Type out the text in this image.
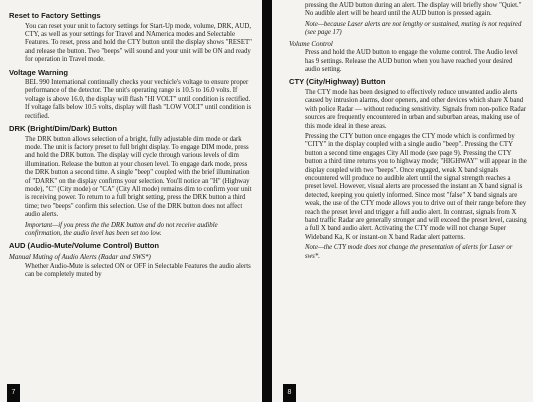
Reset to Factory Settings
You can reset your unit to factory settings for Start-Up mode, volume, DRK, AUD, CTY, as well as your settings for Travel and NAmerica modes and Selectable Features. To reset, press and hold the CTY button until the display shows "RESET" and release the button. Two "beeps" will sound and your unit will be ON and ready for operation in Travel mode.
Voltage Warning
BEL 990 International continually checks your vechicle's voltage to ensure proper performance of the detector. The unit's operating range is 10.5 to 16.0 volts. If voltage is above 16.0, the display will flash "HI VOLT" until condition is rectified. If voltage falls below 10.5 volts, display will flash "LOW VOLT" until condition is rectified.
DRK (Bright/Dim/Dark) Button
The DRK button allows selection of a bright, fully adjustable dim mode or dark mode. The unit is factory preset to full bright display. To engage DIM mode, press and hold the DRK button. The display will cycle through various levels of dim illumination. Release the button at your chosen level. To engage dark mode, press the DRK button a second time. A single "beep" coupled with the brief illumination of "DARK" on the display confirms your selection. You'll notice an "H" (Highway mode), "C" (City mode) or "CA" (City All mode) remains dim to confirm your unit is receiving power. To return to a full bright setting, press the DRK button a third time; two "beeps" confirm this selection. Use of the DRK button does not affect audio alerts.
Important—if you press the the DRK button and do not receive audible confirmation, the audio level has been set too low.
AUD (Audio-Mute/Volume Control) Button
Manual Muting of Audio Alerts (Radar and SWS*)
Whether Audio-Mute is selected ON or OFF in Selectable Features the audio alerts can be completely muted by
7
pressing the AUD button during an alert. The display will briefly show "Quiet." No audible alert will be heard until the AUD button is pressed again.
Note—because Laser alerts are not lengthy or sustained, muting is not required (see page 17)
Volume Control
Press and hold the AUD button to engage the volume control. The Audio level has 9 settings. Release the AUD button when you have reached your desired audio setting.
CTY (City/Highway) Button
The CTY mode has been designed to effectively reduce unwanted audio alerts caused by intrusion alarms, door openers, and other devices which share X band with police Radar — without reducing sensitivity. Signals from non-police Radar sources are frequently encountered in urban and suburban areas, making use of this mode ideal in these areas.
Pressing the CTY button once engages the CTY mode which is confirmed by "CITY" in the display coupled with a single audio "beep". Pressing the CTY button a second time engages City All mode (see page 9). Pressing the CTY button a third time returns you to highway mode; "HIGHWAY" will appear in the display coupled with two "beeps". Once engaged, weak X band signals encountered will produce no audible alert until the signal strength reaches a preset level. However, visual alerts are processed the instant an X band signal is detected, keeping you quietly informed. Since most "false" X band signals are weak, the use of the CTY mode allows you to drive out of their range before they reach the preset level and trigger a full audio alert. In contrast, signals from X band traffic Radar are generally stronger and will exceed the preset level, causing a full X band audio alert. Activating the CTY mode will not change Super Wideband Ka, K or instant-on X band Radar alert patterns.
Note—the CTY mode does not change the presentation of alerts for Laser or sws*.
8
